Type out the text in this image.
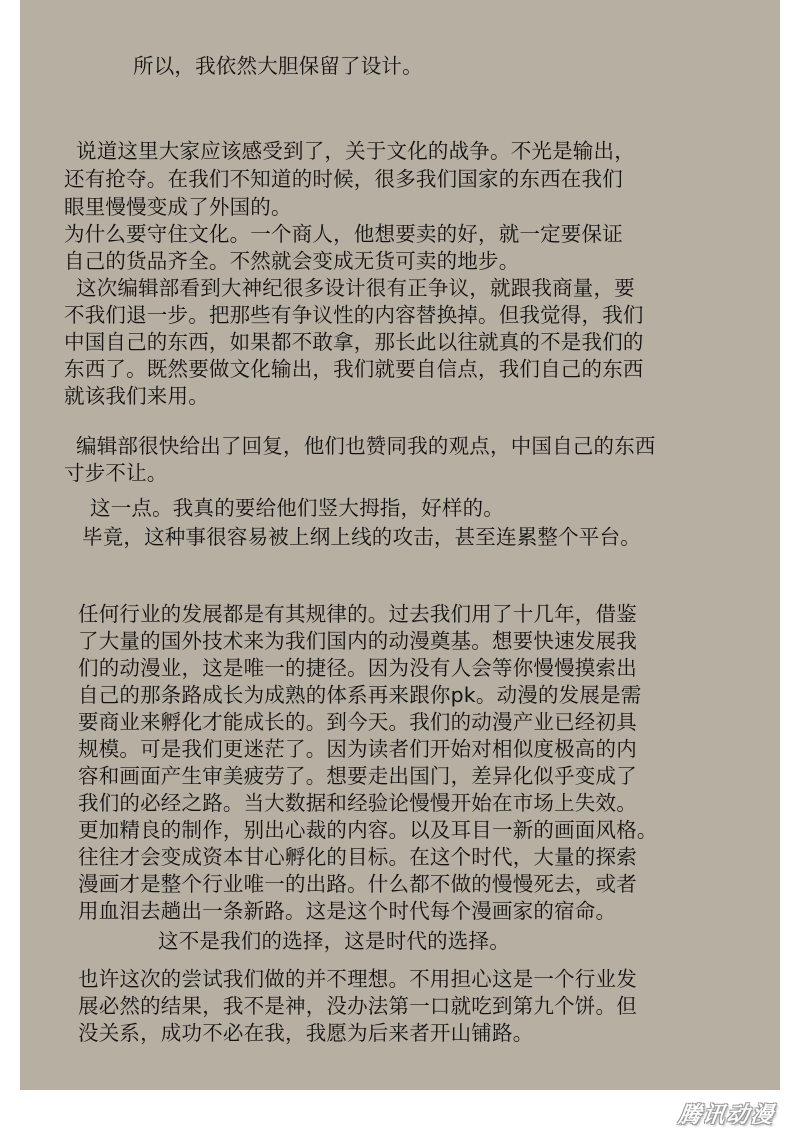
所以，我依然大胆保留了设计。

说道这里大家应该感受到了，关于文化的战争。不光是输出，

还有抢夺。在我们不知道的时候，很多我们国家的东西在我们

眼里慢慢变成了外国的。

为什么要守住文化。一个商人，他想要卖的好，就一定要保证

自己的货品齐全。不然就会变成无货可卖的地步。

这次编辑部看到大神纪很多设计很有正争议，就跟我商量，要

不我们退一步。把那些有争议性的内容替换掉。但我觉得，我们

中国自己的东西，如果都不敢拿，那长此以往就真的不是我们的

东西了。既然要做文化输出，我们就要自信点，我们自己的东西

就该我们来用。

编辑部很快给出了回复，他们也赞同我的观点，中国自己的东西

寸步不让。

这一点。我真的要给他们竖大拇指，好样的。

毕竟，这种事很容易被上纲上线的攻击，甚至连累整个平台。

任何行业的发展都是有其规律的。过去我们用了十几年，借鉴

了大量的国外技术来为我们国内的动漫奠基。想要快速发展我

们的动漫业，这是唯一的捷径。因为没有人会等你慢慢摸索出

自己的那条路成长为成熟的体系再来跟你pk。动漫的发展是需

要商业来孵化才能成长的。到今天。我们的动漫产业已经初具

规模。可是我们更迷茫了。因为读者们开始对相似度极高的内

容和画面产生审美疲劳了。想要走出国门，差异化似乎变成了

我们的必经之路。当大数据和经验论慢慢开始在市场上失效。

更加精良的制作，别出心裁的内容。以及耳目一新的画面风格。

往往才会变成资本甘心孵化的目标。在这个时代，大量的探索

漫画才是整个行业唯一的出路。什么都不做的慢慢死去，或者

用血泪去趟出一条新路。这是这个时代每个漫画家的宿命。

这不是我们的选择，这是时代的选择。

也许这次的尝试我们做的并不理想。不用担心这是一个行业发

展必然的结果，我不是神，没办法第一口就吃到第九个饼。但

没关系，成功不必在我，我愿为后来者开山铺路。

腾讯动漫
